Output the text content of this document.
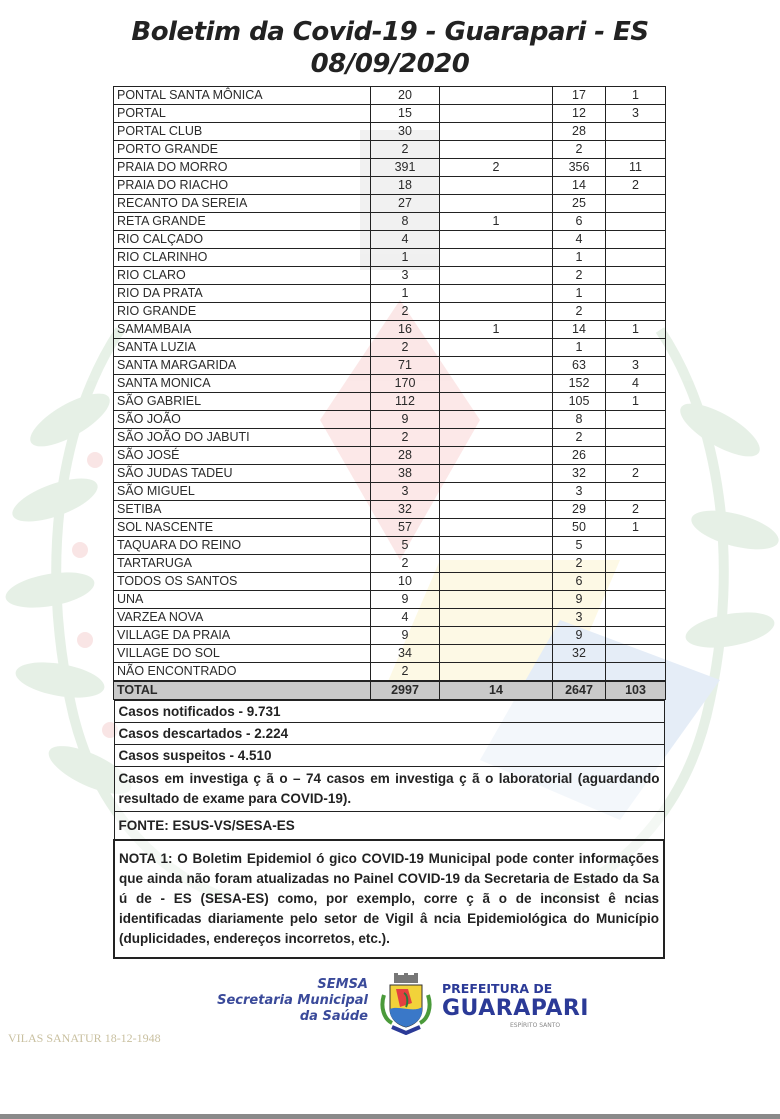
Boletim da Covid-19 - Guarapari - ES
08/09/2020
PONTAL SANTA MÔNICA	20		17	1
PORTAL	15		12	3
PORTAL CLUB	30		28	
PORTO GRANDE	2		2	
PRAIA DO MORRO	391	2	356	11
PRAIA DO RIACHO	18		14	2
RECANTO DA SEREIA	27		25	
RETA GRANDE	8	1	6	
RIO CALÇADO	4		4	
RIO CLARINHO	1		1	
RIO CLARO	3		2	
RIO DA PRATA	1		1	
RIO GRANDE	2		2	
SAMAMBAIA	16	1	14	1
SANTA LUZIA	2		1	
SANTA MARGARIDA	71		63	3
SANTA MONICA	170		152	4
SÃO GABRIEL	112		105	1
SÃO JOÃO	9		8	
SÃO JOÃO DO JABUTI	2		2	
SÃO JOSÉ	28		26	
SÃO JUDAS TADEU	38		32	2
SÃO MIGUEL	3		3	
SETIBA	32		29	2
SOL NASCENTE	57		50	1
TAQUARA DO REINO	5		5	
TARTARUGA	2		2	
TODOS OS SANTOS	10		6	
UNA	9		9	
VARZEA NOVA	4		3	
VILLAGE DA PRAIA	9		9	
VILLAGE DO SOL	34		32	
NÃO ENCONTRADO	2			
TOTAL	2997	14	2647	103
Casos notificados - 9.731
Casos descartados - 2.224
Casos suspeitos - 4.510
Casos em investiga ç ã o – 74 casos em investiga ç ã o laboratorial (aguardando resultado de exame para COVID-19).
FONTE: ESUS-VS/SESA-ES
NOTA 1: O Boletim Epidemiol ó gico COVID-19 Municipal pode conter informações que ainda não foram atualizadas no Painel COVID-19 da Secretaria de Estado da Sa ú de - ES (SESA-ES) como, por exemplo, corre ç ã o de inconsist ê ncias identificadas diariamente pelo setor de Vigil â ncia Epidemiológica do Município (duplicidades, endereços incorretos, etc.).
SEMSA
Secretaria Municipal
da Saúde
PREFEITURA DE
GUARAPARI
ESPÍRITO SANTO
VILAS SANATUR 18-12-1948
